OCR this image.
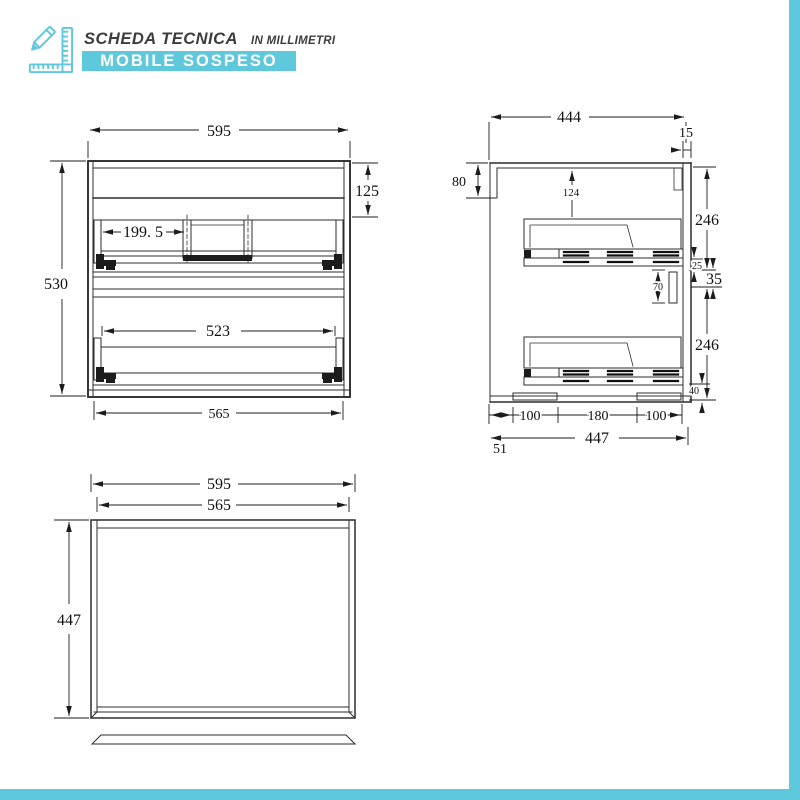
SCHEDA TECNICA IN MILLIMETRI
MOBILE SOSPESO
595
530
125
199. 5
523
565
444
15
80
124
246
25
35
70
246
40
100	180	100
447
51
595
565
447
